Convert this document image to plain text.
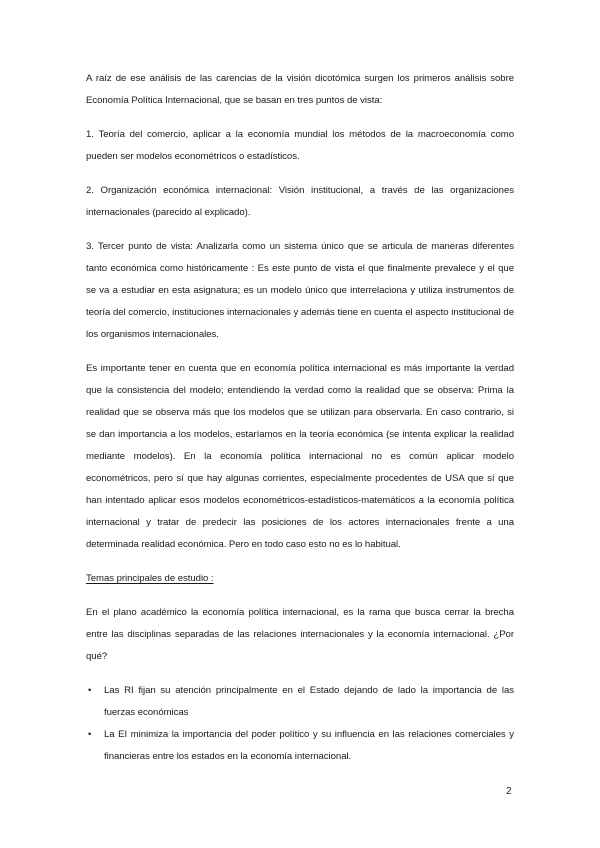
A raíz de ese análisis de las carencias de la visión dicotómica surgen los primeros análisis sobre Economía Política Internacional, que se basan en tres puntos de vista:

1. Teoría del comercio, aplicar a la economía mundial los métodos de la macroeconomía como pueden ser modelos econométricos o estadísticos.

2. Organización económica internacional: Visión institucional, a través de las organizaciones internacionales (parecido al explicado).

3. Tercer punto de vista: Analizarla como un sistema único que se articula de maneras diferentes tanto económica como históricamente : Es este punto de vista el que finalmente prevalece y el que se va a estudiar en esta asignatura; es un modelo único que interrelaciona y utiliza instrumentos de teoría del comercio, instituciones internacionales y además tiene en cuenta el aspecto institucional de los organismos internacionales.

Es importante tener en cuenta que en economía política internacional es más importante la verdad que la consistencia del modelo; entendiendo la verdad como la realidad que se observa: Prima la realidad que se observa más que los modelos que se utilizan para observarla. En caso contrario, si se dan importancia a los modelos, estaríamos en la teoría económica (se intenta explicar la realidad mediante modelos). En la economía política internacional no es común aplicar modelo econométricos, pero sí que hay algunas corrientes, especialmente procedentes de USA que sí que han intentado aplicar esos modelos econométricos-estadísticos-matemáticos a la economía política internacional y tratar de predecir las posiciones de los actores internacionales frente a una determinada realidad económica. Pero en todo caso esto no es lo habitual.

Temas principales de estudio :

En el plano académico la economía política internacional, es la rama que busca cerrar la brecha entre las disciplinas separadas de las relaciones internacionales y la economía internacional. ¿Por qué?

• Las RI fijan su atención principalmente en el Estado dejando de lado la importancia de las fuerzas económicas
• La EI minimiza la importancia del poder político y su influencia en las relaciones comerciales y financieras entre los estados en la economía internacional.
2
